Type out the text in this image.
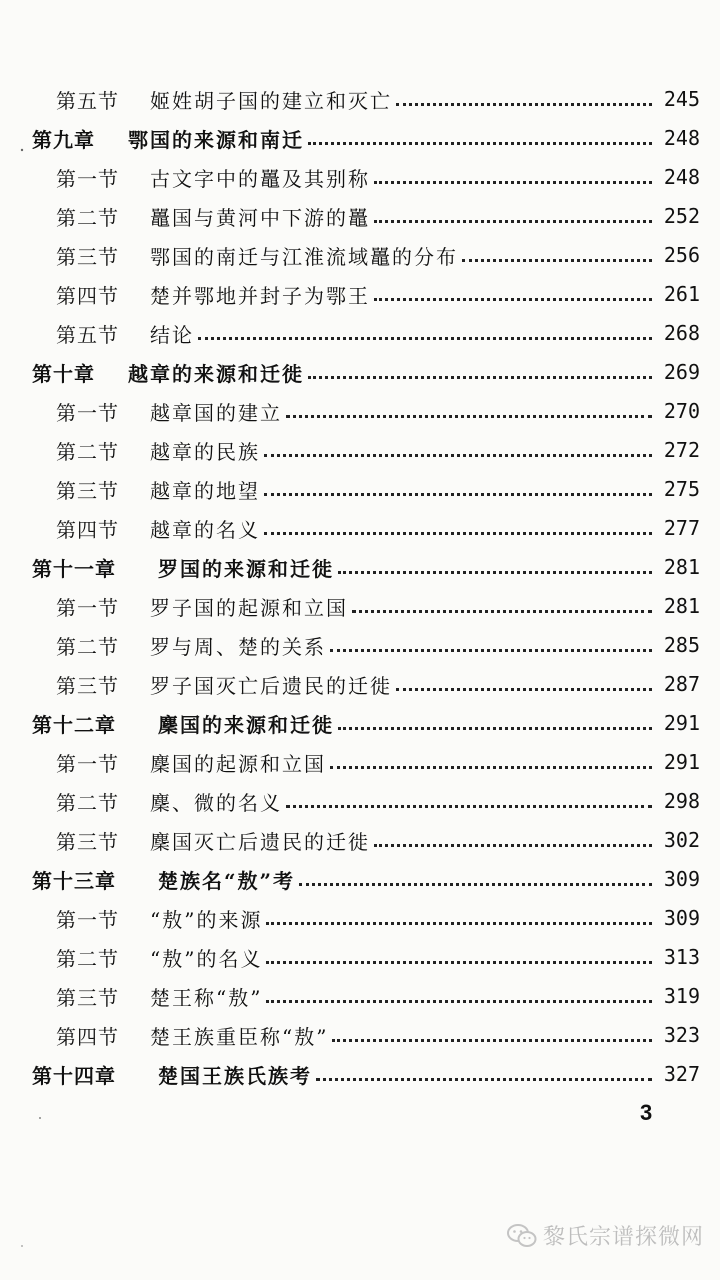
第五节 姬姓胡子国的建立和灭亡	245
第九章 鄂国的来源和南迁	248
第一节 古文字中的鼉及其别称	248
第二节 鼉国与黄河中下游的鼉	252
第三节 鄂国的南迁与江淮流域鼉的分布	256
第四节 楚并鄂地并封子为鄂王	261
第五节 结论	268
第十章 越章的来源和迁徙	269
第一节 越章国的建立	270
第二节 越章的民族	272
第三节 越章的地望	275
第四节 越章的名义	277
第十一章 罗国的来源和迁徙	281
第一节 罗子国的起源和立国	281
第二节 罗与周、楚的关系	285
第三节 罗子国灭亡后遗民的迁徙	287
第十二章 麇国的来源和迁徙	291
第一节 麇国的起源和立国	291
第二节 麇、微的名义	298
第三节 麇国灭亡后遗民的迁徙	302
第十三章 楚族名“敖”考	309
第一节 “敖”的来源	309
第二节 “敖”的名义	313
第三节 楚王称“敖”	319
第四节 楚王族重臣称“敖”	323
第十四章 楚国王族氏族考	327
3
黎氏宗谱探微网
